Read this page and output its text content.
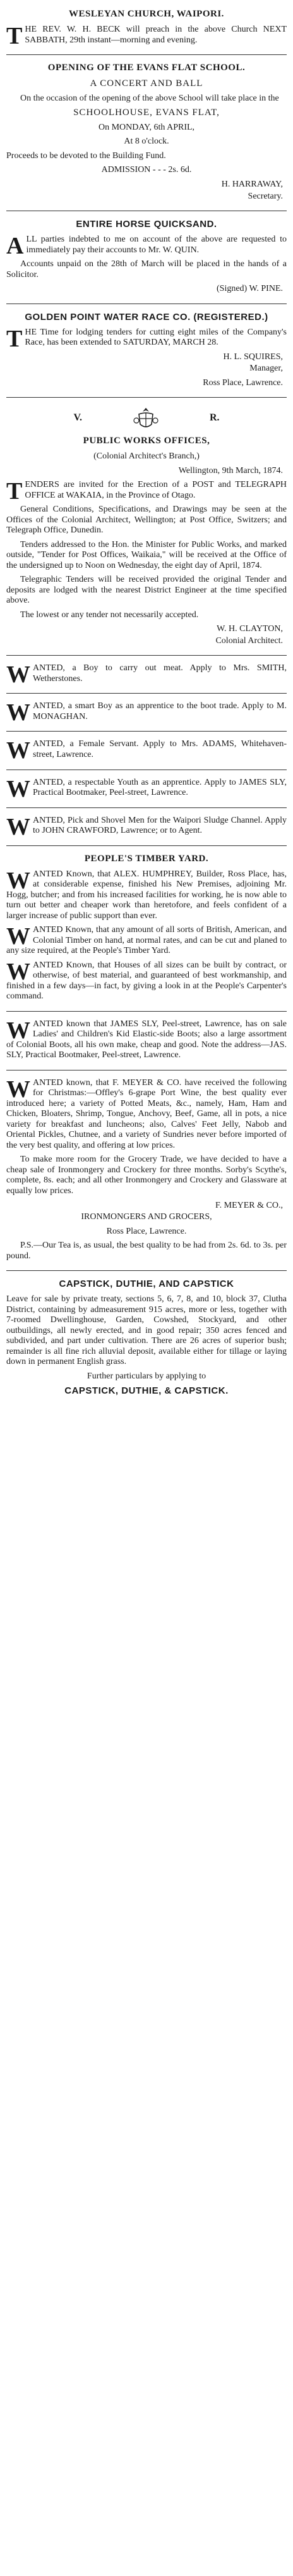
WESLEYAN CHURCH, WAIPORI.

THE REV. W. H. BECK will preach in the above Church NEXT SABBATH, 29th instant—morning and evening.

OPENING OF THE EVANS FLAT SCHOOL.

A CONCERT AND BALL

On the occasion of the opening of the above School will take place in the

SCHOOLHOUSE, EVANS FLAT,

On MONDAY, 6th APRIL,

At 8 o'clock.

Proceeds to be devoted to the Building Fund.

ADMISSION - - - 2s. 6d.

H. HARRAWAY,

Secretary.

ENTIRE HORSE QUICKSAND.

ALL parties indebted to me on account of the above are requested to immediately pay their accounts to Mr. W. QUIN.

Accounts unpaid on the 28th of March will be placed in the hands of a Solicitor.

(Signed) W. PINE.

GOLDEN POINT WATER RACE CO. (REGISTERED.)

THE Time for lodging tenders for cutting eight miles of the Company's Race, has been extended to SATURDAY, MARCH 28.

H. L. SQUIRES,

Manager,

Ross Place, Lawrence.

V.	R.
PUBLIC WORKS OFFICES,

(Colonial Architect's Branch,)

Wellington, 9th March, 1874.

TENDERS are invited for the Erection of a POST and TELEGRAPH OFFICE at WAKAIA, in the Province of Otago.

General Conditions, Specifications, and Drawings may be seen at the Offices of the Colonial Architect, Wellington; at Post Office, Switzers; and Telegraph Office, Dunedin.

Tenders addressed to the Hon. the Minister for Public Works, and marked outside, "Tender for Post Offices, Waikaia," will be received at the Office of the undersigned up to Noon on Wednesday, the eight day of April, 1874.

Telegraphic Tenders will be received provided the original Tender and deposits are lodged with the nearest District Engineer at the time specified above.

The lowest or any tender not necessarily accepted.

W. H. CLAYTON,

Colonial Architect.

WANTED, a Boy to carry out meat. Apply to Mrs. SMITH, Wetherstones.

WANTED, a smart Boy as an apprentice to the boot trade. Apply to M. MONAGHAN.

WANTED, a Female Servant. Apply to Mrs. ADAMS, Whitehaven-street, Lawrence.

WANTED, a respectable Youth as an apprentice. Apply to JAMES SLY, Practical Bootmaker, Peel-street, Lawrence.

WANTED, Pick and Shovel Men for the Waipori Sludge Channel. Apply to JOHN CRAWFORD, Lawrence; or to Agent.

PEOPLE'S TIMBER YARD.

WANTED Known, that ALEX. HUMPHREY, Builder, Ross Place, has, at considerable expense, finished his New Premises, adjoining Mr. Hogg, butcher; and from his increased facilities for working, he is now able to turn out better and cheaper work than heretofore, and feels confident of a larger increase of public support than ever.

WANTED Known, that any amount of all sorts of British, American, and Colonial Timber on hand, at normal rates, and can be cut and planed to any size required, at the People's Timber Yard.

WANTED Known, that Houses of all sizes can be built by contract, or otherwise, of best material, and guaranteed of best workmanship, and finished in a few days—in fact, by giving a look in at the People's Carpenter's command.

WANTED known that JAMES SLY, Peel-street, Lawrence, has on sale Ladies' and Children's Kid Elastic-side Boots; also a large assortment of Colonial Boots, all his own make, cheap and good. Note the address—JAS. SLY, Practical Bootmaker, Peel-street, Lawrence.

WANTED known, that F. MEYER & CO. have received the following for Christmas:—Offley's 6-grape Port Wine, the best quality ever introduced here; a variety of Potted Meats, &c., namely, Ham, Ham and Chicken, Bloaters, Shrimp, Tongue, Anchovy, Beef, Game, all in pots, a nice variety for breakfast and luncheons; also, Calves' Feet Jelly, Nabob and Oriental Pickles, Chutnee, and a variety of Sundries never before imported of the very best quality, and offering at low prices.

To make more room for the Grocery Trade, we have decided to have a cheap sale of Ironmongery and Crockery for three months. Sorby's Scythe's, complete, 8s. each; and all other Ironmongery and Crockery and Glassware at equally low prices.

F. MEYER & CO.,

IRONMONGERS AND GROCERS,

Ross Place, Lawrence.

P.S.—Our Tea is, as usual, the best quality to be had from 2s. 6d. to 3s. per pound.

CAPSTICK, DUTHIE, AND CAPSTICK

Leave for sale by private treaty, sections 5, 6, 7, 8, and 10, block 37, Clutha District, containing by admeasurement 915 acres, more or less, together with 7-roomed Dwellinghouse, Garden, Cowshed, Stockyard, and other outbuildings, all newly erected, and in good repair; 350 acres fenced and subdivided, and part under cultivation. There are 26 acres of superior bush; remainder is all fine rich alluvial deposit, available either for tillage or laying down in permanent English grass.

Further particulars by applying to

CAPSTICK, DUTHIE, & CAPSTICK.
